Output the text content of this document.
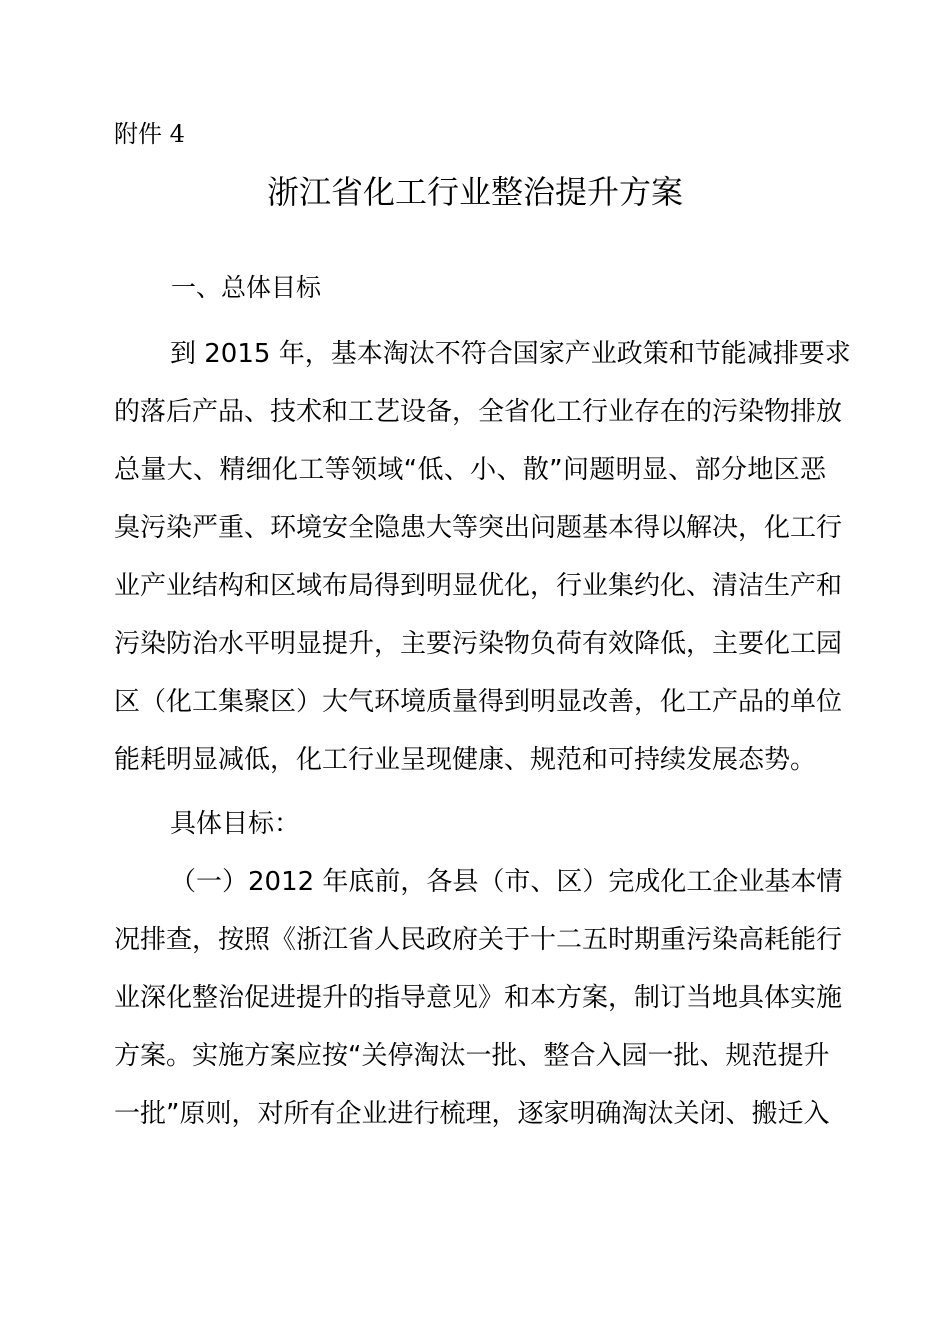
附件 4
浙江省化工行业整治提升方案
一、总体目标
到 2015 年，基本淘汰不符合国家产业政策和节能减排要求
的落后产品、技术和工艺设备，全省化工行业存在的污染物排放
总量大、精细化工等领域“低、小、散”问题明显、部分地区恶
臭污染严重、环境安全隐患大等突出问题基本得以解决，化工行
业产业结构和区域布局得到明显优化，行业集约化、清洁生产和
污染防治水平明显提升，主要污染物负荷有效降低，主要化工园
区（化工集聚区）大气环境质量得到明显改善，化工产品的单位
能耗明显减低，化工行业呈现健康、规范和可持续发展态势。
具体目标：
（一）2012 年底前，各县（市、区）完成化工企业基本情
况排查，按照《浙江省人民政府关于十二五时期重污染高耗能行
业深化整治促进提升的指导意见》和本方案，制订当地具体实施
方案。实施方案应按“关停淘汰一批、整合入园一批、规范提升
一批”原则，对所有企业进行梳理，逐家明确淘汰关闭、搬迁入
